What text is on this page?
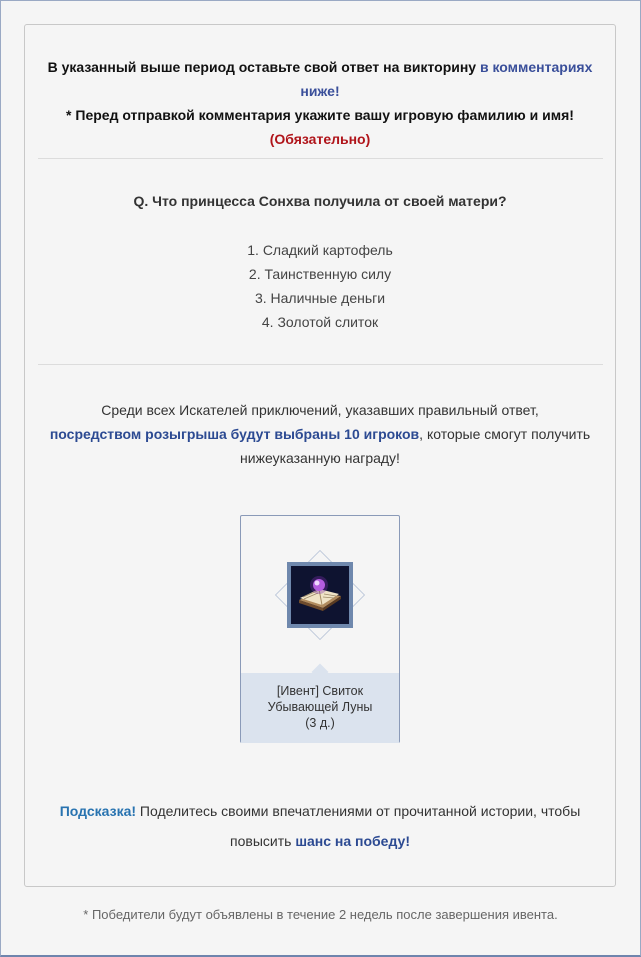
В указанный выше период оставьте свой ответ на викторину в комментариях
ниже!
* Перед отправкой комментария укажите вашу игровую фамилию и имя!
(Обязательно)
Q. Что принцесса Сонхва получила от своей матери?
1. Сладкий картофель
2. Таинственную силу
3. Наличные деньги
4. Золотой слиток
Среди всех Искателей приключений, указавших правильный ответ,
посредством розыгрыша будут выбраны 10 игроков, которые смогут получить
нижеуказанную награду!
[Ивент] Свиток
Убывающей Луны
(3 д.)
Подсказка! Поделитесь своими впечатлениями от прочитанной истории, чтобы
повысить шанс на победу!
* Победители будут объявлены в течение 2 недель после завершения ивента.
